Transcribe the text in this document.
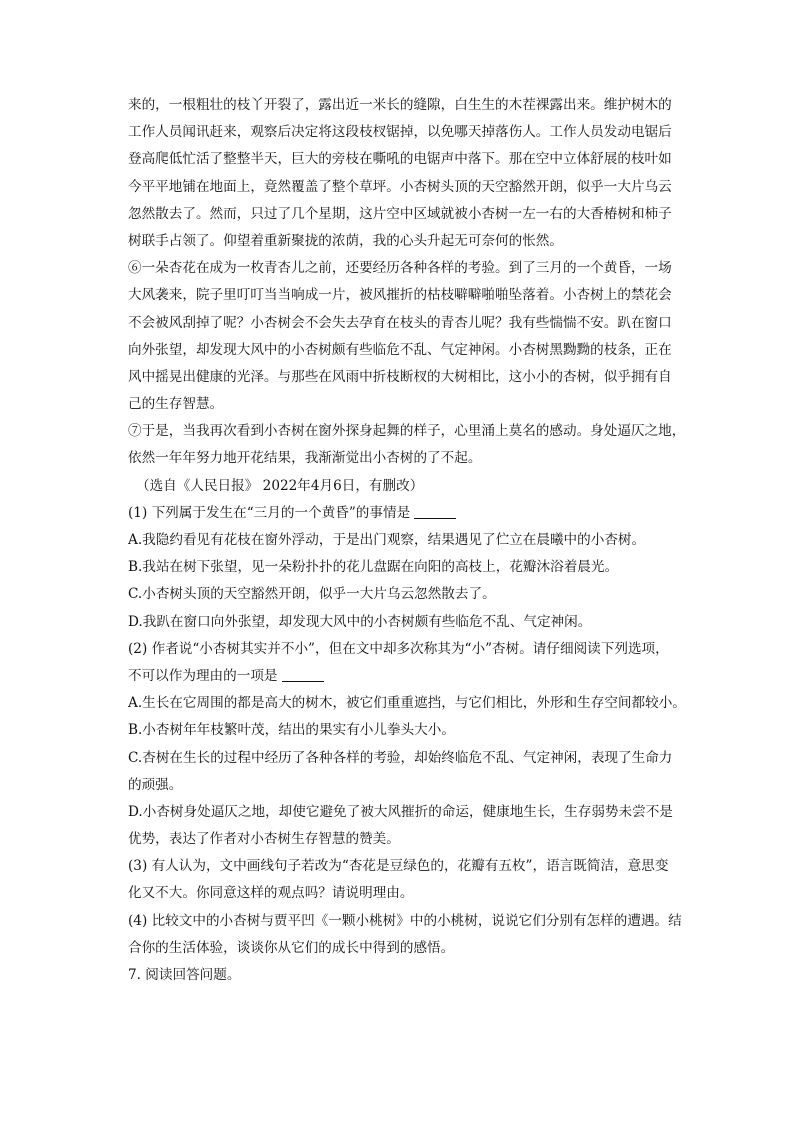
来的，一根粗壮的枝丫开裂了，露出近一米长的缝隙，白生生的木茬裸露出来。维护树木的
工作人员闻讯赶来，观察后决定将这段枝杈锯掉，以免哪天掉落伤人。工作人员发动电锯后
登高爬低忙活了整整半天，巨大的旁枝在嘶吼的电锯声中落下。那在空中立体舒展的枝叶如
今平平地铺在地面上，竟然覆盖了整个草坪。小杏树头顶的天空豁然开朗，似乎一大片乌云
忽然散去了。然而，只过了几个星期，这片空中区域就被小杏树一左一右的大香椿树和柿子
树联手占领了。仰望着重新聚拢的浓荫，我的心头升起无可奈何的怅然。
⑥一朵杏花在成为一枚青杏儿之前，还要经历各种各样的考验。到了三月的一个黄昏，一场
大风袭来，院子里叮叮当当响成一片，被风摧折的枯枝噼噼啪啪坠落着。小杏树上的禁花会
不会被风刮掉了呢？小杏树会不会失去孕育在枝头的青杏儿呢？我有些惴惴不安。趴在窗口
向外张望，却发现大风中的小杏树颇有些临危不乱、气定神闲。小杏树黑黝黝的枝条，正在
风中摇晃出健康的光泽。与那些在风雨中折枝断杈的大树相比，这小小的杏树，似乎拥有自
己的生存智慧。
⑦于是，当我再次看到小杏树在窗外探身起舞的样子，心里涌上莫名的感动。身处逼仄之地，
依然一年年努力地开花结果，我渐渐觉出小杏树的了不起。
（选自《人民日报》 2022年4月6日，有删改）
(1) 下列属于发生在“三月的一个黄昏”的事情是
A.我隐约看见有花枝在窗外浮动，于是出门观察，结果遇见了伫立在晨曦中的小杏树。
B.我站在树下张望，见一朵粉扑扑的花儿盘踞在向阳的高枝上，花瓣沐浴着晨光。
C.小杏树头顶的天空豁然开朗，似乎一大片乌云忽然散去了。
D.我趴在窗口向外张望，却发现大风中的小杏树颇有些临危不乱、气定神闲。
(2) 作者说“小杏树其实并不小”，但在文中却多次称其为“小”杏树。请仔细阅读下列选项，
不可以作为理由的一项是
A.生长在它周围的都是高大的树木，被它们重重遮挡，与它们相比，外形和生存空间都较小。
B.小杏树年年枝繁叶茂，结出的果实有小儿拳头大小。
C.杏树在生长的过程中经历了各种各样的考验，却始终临危不乱、气定神闲，表现了生命力
的顽强。
D.小杏树身处逼仄之地，却使它避免了被大风摧折的命运，健康地生长，生存弱势未尝不是
优势，表达了作者对小杏树生存智慧的赞美。
(3) 有人认为，文中画线句子若改为“杏花是豆绿色的，花瓣有五枚”，语言既简洁，意思变
化又不大。你同意这样的观点吗？请说明理由。
(4) 比较文中的小杏树与贾平凹《一颗小桃树》中的小桃树，说说它们分别有怎样的遭遇。结
合你的生活体验，谈谈你从它们的成长中得到的感悟。
7. 阅读回答问题。
